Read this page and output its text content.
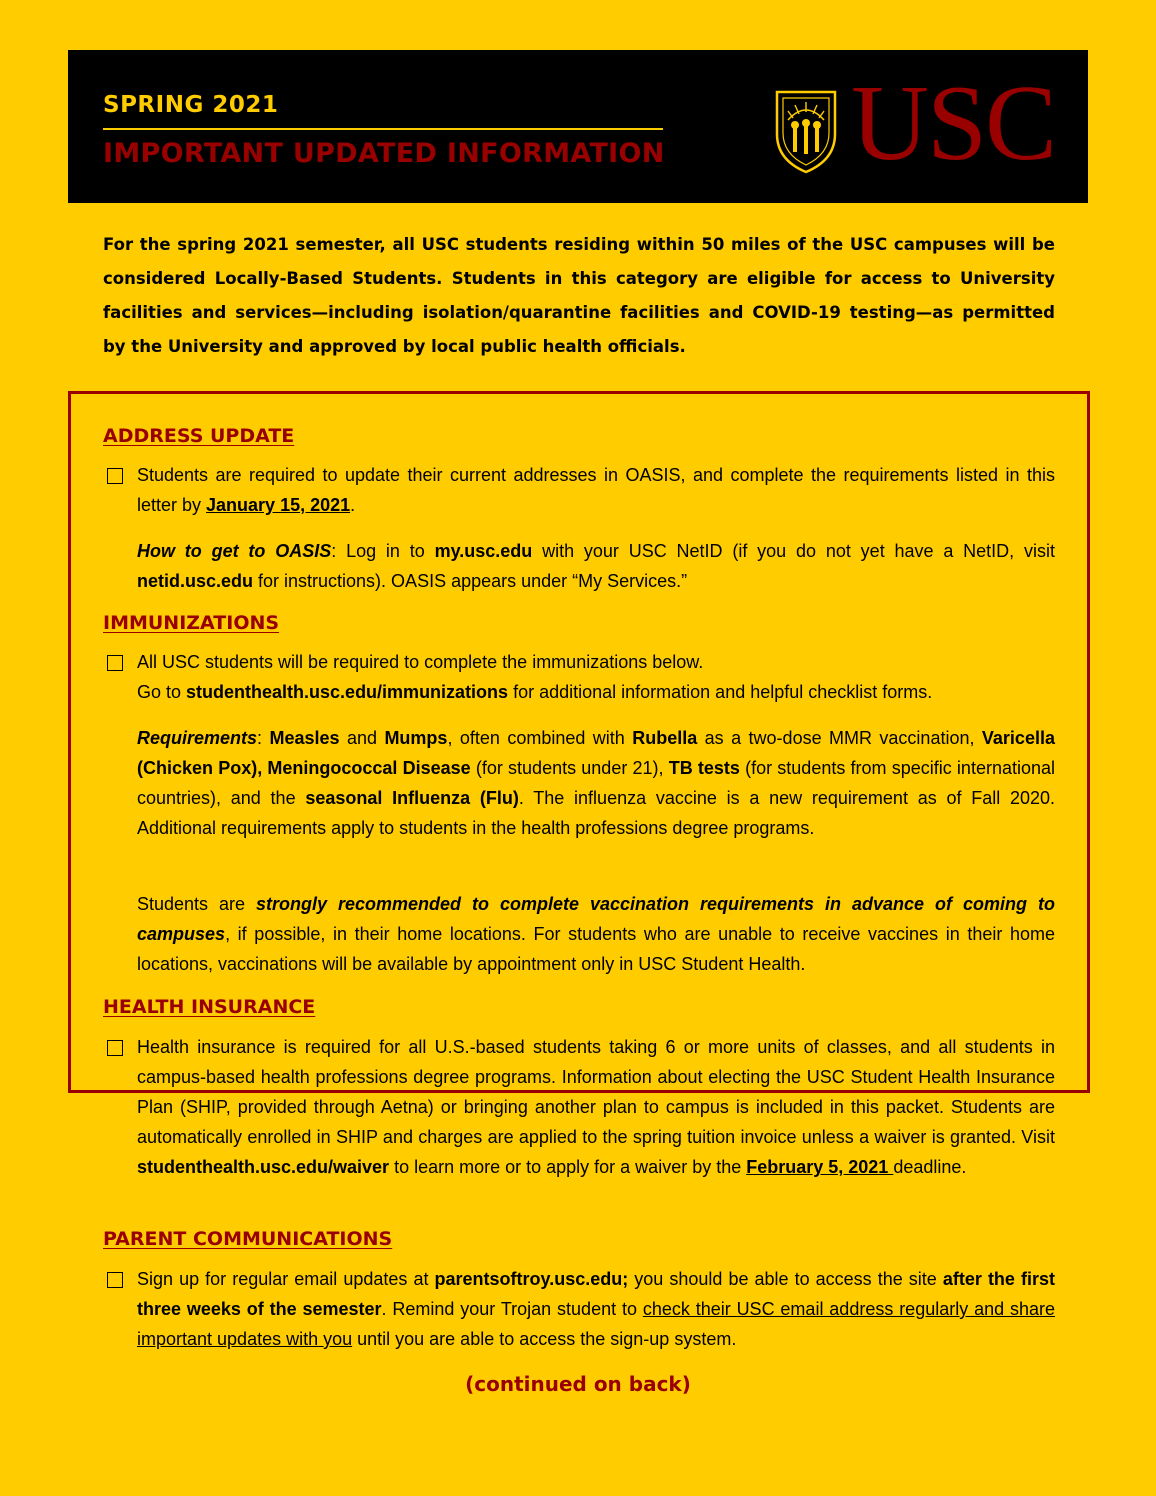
SPRING 2021
IMPORTANT UPDATED INFORMATION USC
For the spring 2021 semester, all USC students residing within 50 miles of the USC campuses will be considered Locally-Based Students. Students in this category are eligible for access to University facilities and services—including isolation/quarantine facilities and COVID-19 testing—as permitted by the University and approved by local public health officials.
ADDRESS UPDATE
Students are required to update their current addresses in OASIS, and complete the requirements listed in this letter by January 15, 2021.
How to get to OASIS: Log in to my.usc.edu with your USC NetID (if you do not yet have a NetID, visit netid.usc.edu for instructions). OASIS appears under “My Services.”
IMMUNIZATIONS
All USC students will be required to complete the immunizations below.
Go to studenthealth.usc.edu/immunizations for additional information and helpful checklist forms.
Requirements: Measles and Mumps, often combined with Rubella as a two-dose MMR vaccination, Varicella (Chicken Pox), Meningococcal Disease (for students under 21), TB tests (for students from specific international countries), and the seasonal Influenza (Flu). The influenza vaccine is a new requirement as of Fall 2020. Additional requirements apply to students in the health professions degree programs.
Students are strongly recommended to complete vaccination requirements in advance of coming to campuses, if possible, in their home locations. For students who are unable to receive vaccines in their home locations, vaccinations will be available by appointment only in USC Student Health.
HEALTH INSURANCE
Health insurance is required for all U.S.-based students taking 6 or more units of classes, and all students in campus-based health professions degree programs. Information about electing the USC Student Health Insurance Plan (SHIP, provided through Aetna) or bringing another plan to campus is included in this packet. Students are automatically enrolled in SHIP and charges are applied to the spring tuition invoice unless a waiver is granted. Visit studenthealth.usc.edu/waiver to learn more or to apply for a waiver by the February 5, 2021 deadline.
PARENT COMMUNICATIONS
Sign up for regular email updates at parentsoftroy.usc.edu; you should be able to access the site after the first three weeks of the semester. Remind your Trojan student to check their USC email address regularly and share important updates with you until you are able to access the sign-up system.
(continued on back)
